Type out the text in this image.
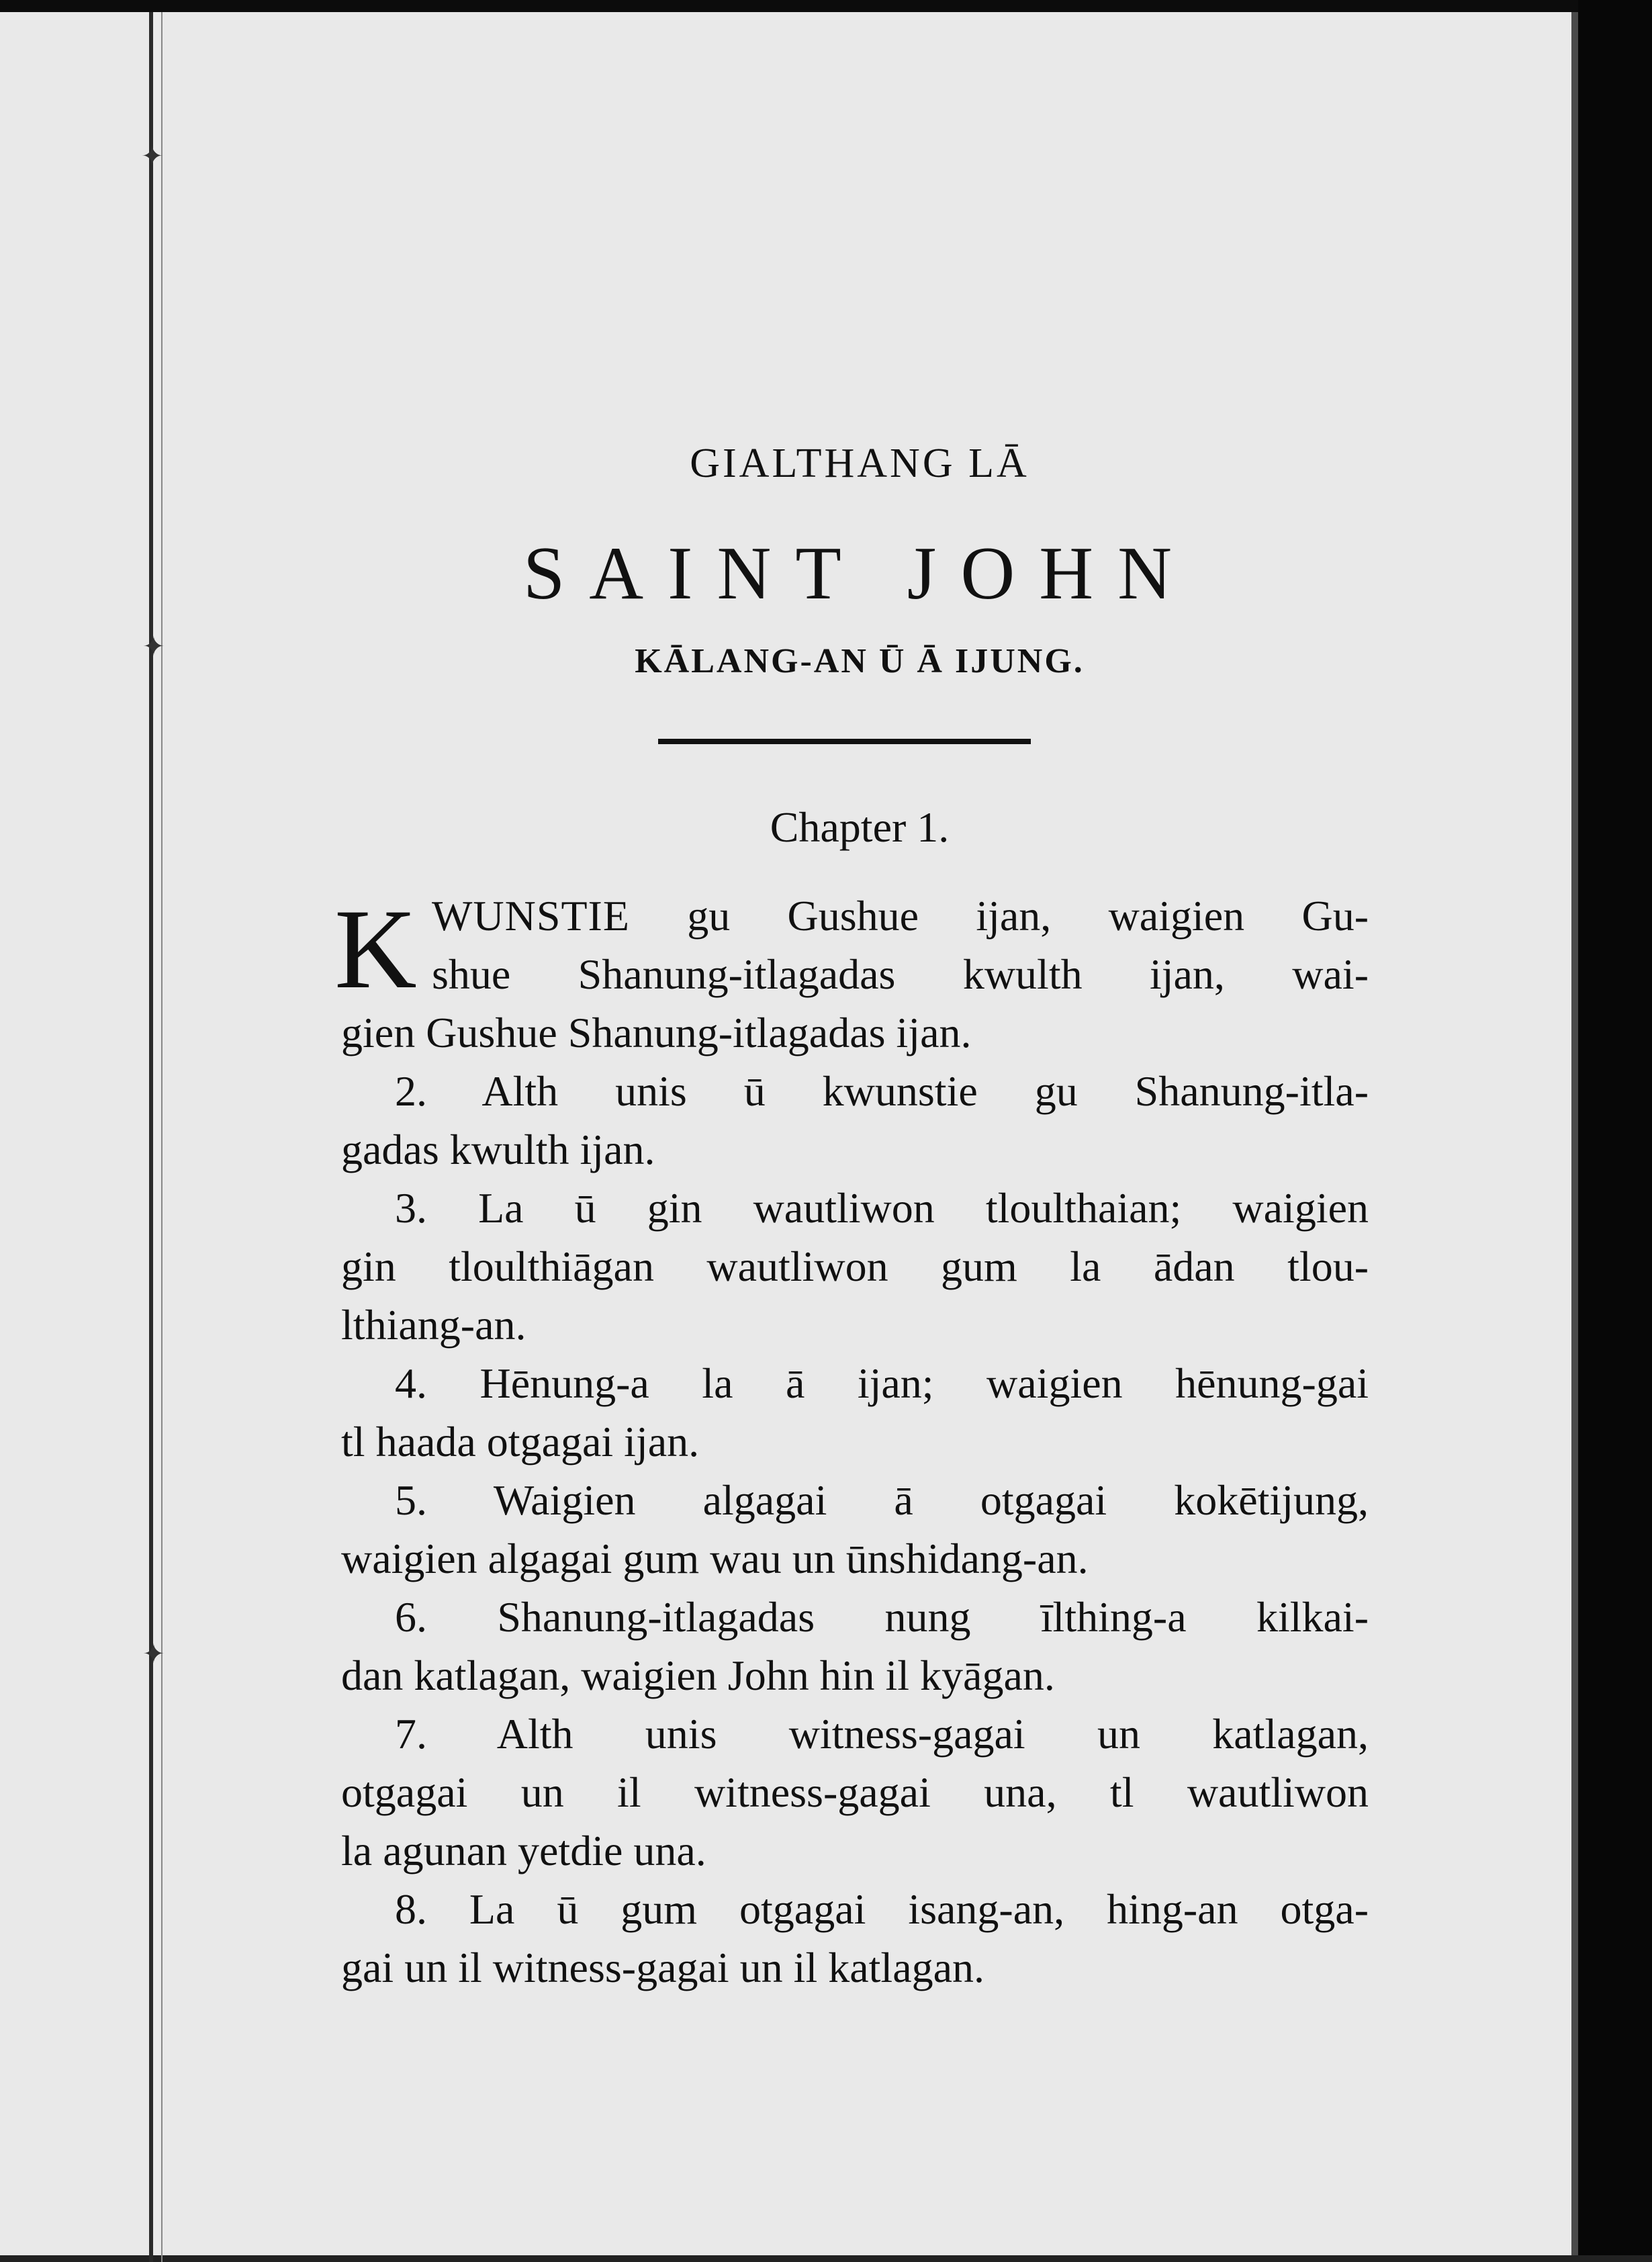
✦
✦
✦
GIALTHANG LĀ
SAINT JOHN
KĀLANG-AN Ū Ā IJUNG.
Chapter 1.
K WUNSTIE gu Gushue ijan, waigien Gu-
shue Shanung-itlagadas kwulth ijan, wai-
gien Gushue Shanung-itlagadas ijan.
2. Alth unis ū kwunstie gu Shanung-itla-
gadas kwulth ijan.
3. La ū gin wautliwon tloulthaian; waigien
gin tloulthiāgan wautliwon gum la ādan tlou-
lthiang-an.
4. Hēnung-a la ā ijan; waigien hēnung-gai
tl haada otgagai ijan.
5. Waigien algagai ā otgagai kokētijung,
waigien algagai gum wau un ūnshidang-an.
6. Shanung-itlagadas nung īlthing-a kilkai-
dan katlagan, waigien John hin il kyāgan.
7. Alth unis witness-gagai un katlagan,
otgagai un il witness-gagai una, tl wautliwon
la agunan yetdie una.
8. La ū gum otgagai isang-an, hing-an otga-
gai un il witness-gagai un il katlagan.
